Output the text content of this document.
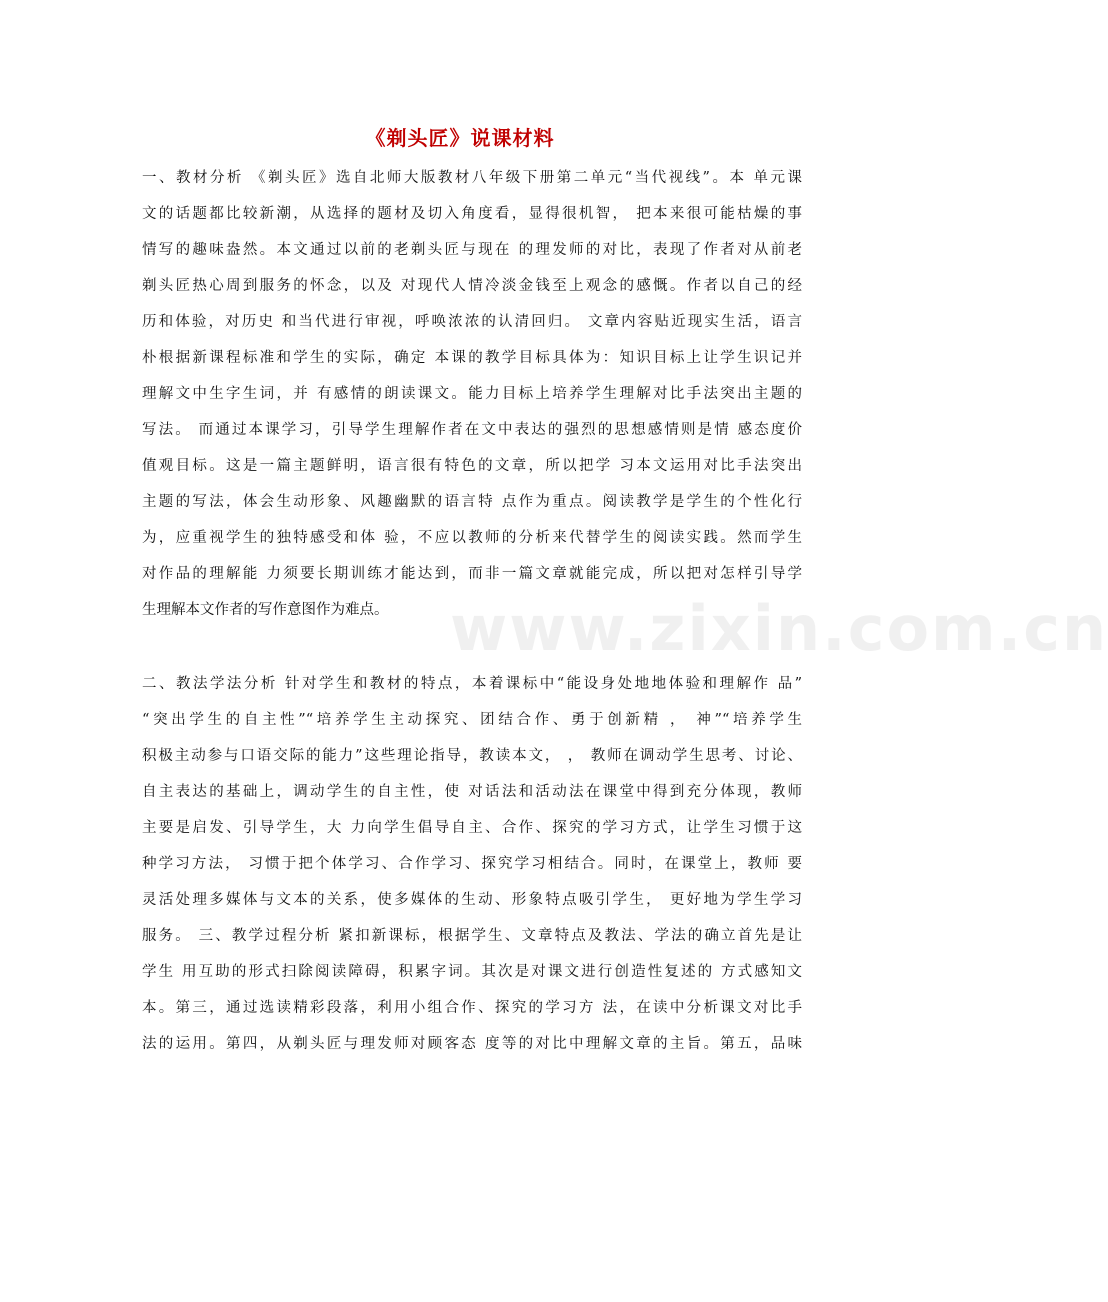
《剃头匠》说课材料
一、教材分析 《剃头匠》选自北师大版教材八年级下册第二单元“当代视线”。本 单元课
文的话题都比较新潮，从选择的题材及切入角度看，显得很机智， 把本来很可能枯燥的事
情写的趣味盎然。本文通过以前的老剃头匠与现在 的理发师的对比，表现了作者对从前老
剃头匠热心周到服务的怀念，以及 对现代人情冷淡金钱至上观念的感慨。作者以自己的经
历和体验，对历史 和当代进行审视，呼唤浓浓的认清回归。 文章内容贴近现实生活，语言
朴根据新课程标准和学生的实际，确定 本课的教学目标具体为：知识目标上让学生识记并
理解文中生字生词，并 有感情的朗读课文。能力目标上培养学生理解对比手法突出主题的
写法。 而通过本课学习，引导学生理解作者在文中表达的强烈的思想感情则是情 感态度价
值观目标。这是一篇主题鲜明，语言很有特色的文章，所以把学 习本文运用对比手法突出
主题的写法，体会生动形象、风趣幽默的语言特 点作为重点。阅读教学是学生的个性化行
为，应重视学生的独特感受和体 验，不应以教师的分析来代替学生的阅读实践。然而学生
对作品的理解能 力须要长期训练才能达到，而非一篇文章就能完成，所以把对怎样引导学
生理解本文作者的写作意图作为难点。
二、教法学法分析 针对学生和教材的特点，本着课标中“能设身处地地体验和理解作 品”
“突出学生的自主性”“培养学生主动探究、团结合作、勇于创新精 ， 神”“培养学生
积极主动参与口语交际的能力”这些理论指导，教读本文， ， 教师在调动学生思考、讨论、
自主表达的基础上，调动学生的自主性，使 对话法和活动法在课堂中得到充分体现，教师
主要是启发、引导学生，大 力向学生倡导自主、合作、探究的学习方式，让学生习惯于这
种学习方法， 习惯于把个体学习、合作学习、探究学习相结合。同时，在课堂上，教师 要
灵活处理多媒体与文本的关系，使多媒体的生动、形象特点吸引学生， 更好地为学生学习
服务。 三、教学过程分析 紧扣新课标，根据学生、文章特点及教法、学法的确立首先是让
学生 用互助的形式扫除阅读障碍，积累字词。其次是对课文进行创造性复述的 方式感知文
本。第三，通过选读精彩段落，利用小组合作、探究的学习方 法，在读中分析课文对比手
法的运用。第四，从剃头匠与理发师对顾客态 度等的对比中理解文章的主旨。第五，品味
www.zixin.com.cn
